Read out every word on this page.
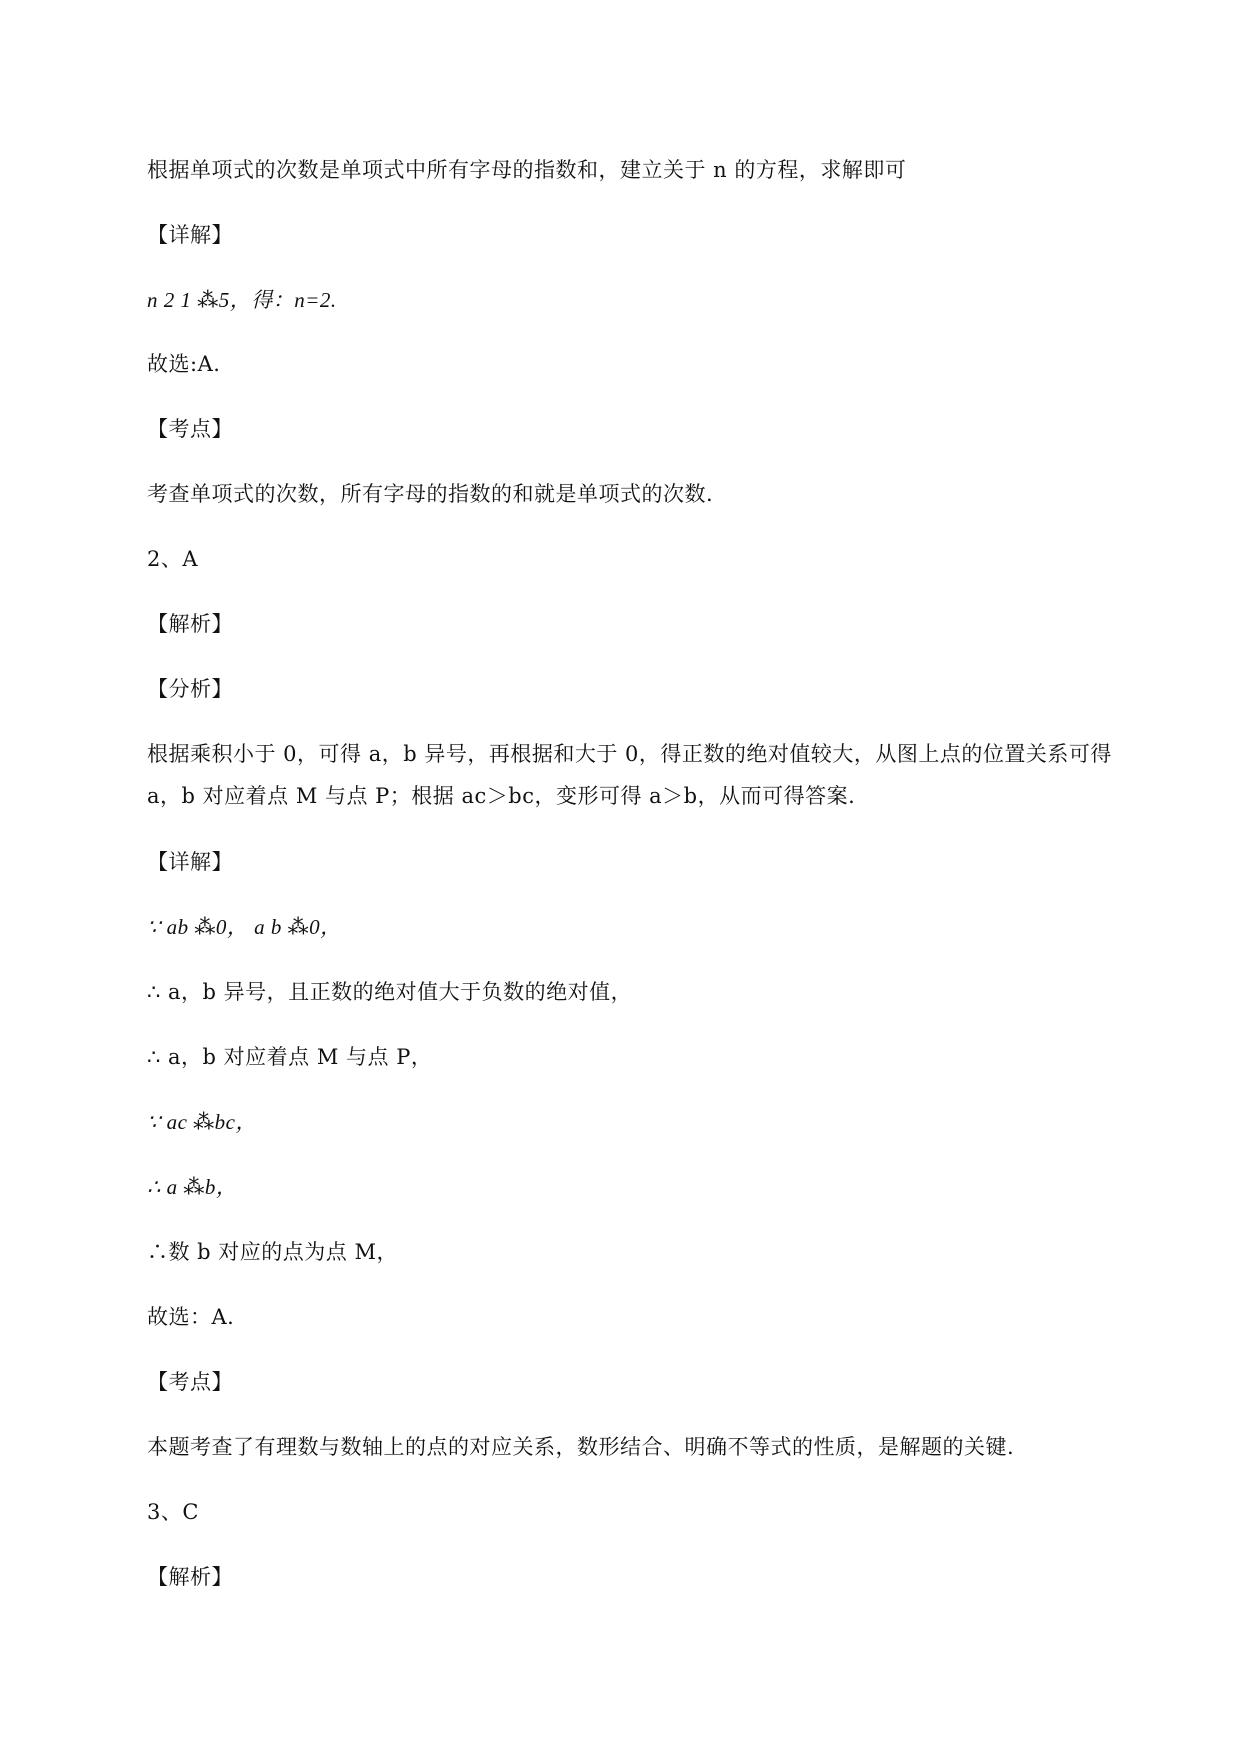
根据单项式的次数是单项式中所有字母的指数和，建立关于 n 的方程，求解即可

【详解】

n 2 1 ⁂5，得：n=2.

故选:A.

【考点】

考查单项式的次数，所有字母的指数的和就是单项式的次数.

2、A

【解析】

【分析】

根据乘积小于 0，可得 a，b 异号，再根据和大于 0，得正数的绝对值较大，从图上点的位置关系可得

a，b 对应着点 M 与点 P；根据 ac＞bc，变形可得 a＞b，从而可得答案.

【详解】

∵ ab ⁂0， a b ⁂0，

∴ a，b 异号，且正数的绝对值大于负数的绝对值，

∴ a，b 对应着点 M 与点 P，

∵ ac ⁂bc，

∴ a ⁂b，

∴数 b 对应的点为点 M，

故选：A.

【考点】

本题考查了有理数与数轴上的点的对应关系，数形结合、明确不等式的性质，是解题的关键.

3、C

【解析】
